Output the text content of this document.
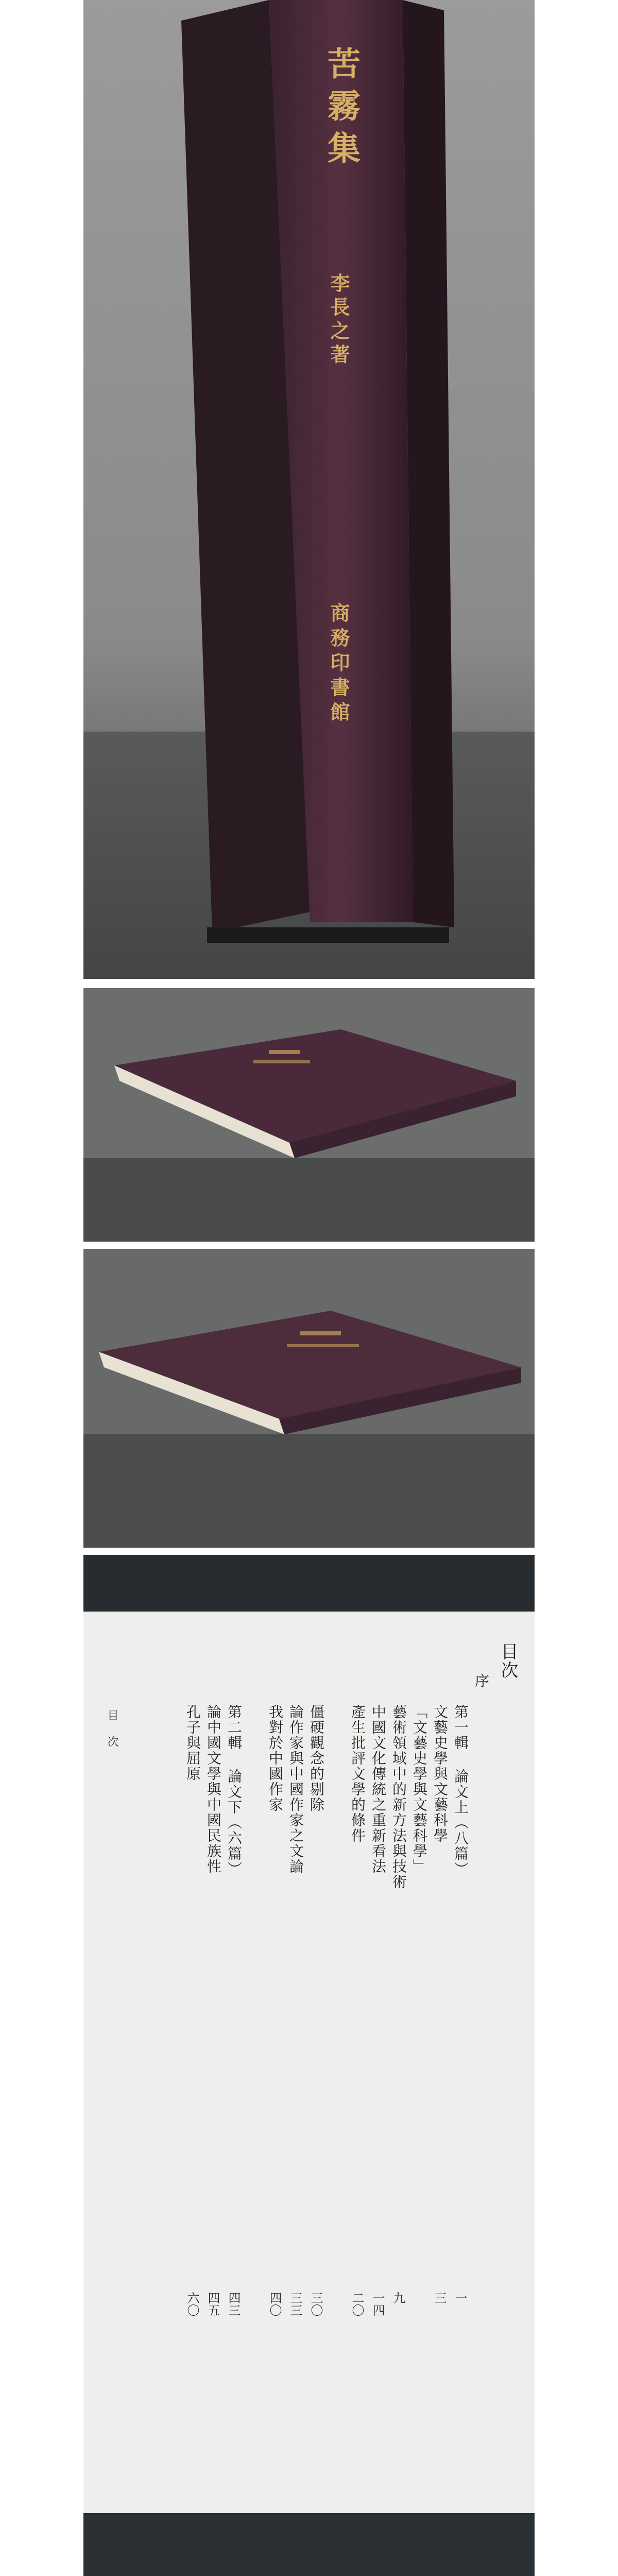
苦霧集
李長之著
商務印書館
目次
序
第一輯 論文上（八篇）
文藝史學與文藝科學
「文藝史學與文藝科學」
藝術領域中的新方法與技術
中國文化傳統之重新看法
產生批評文學的條件
僵硬觀念的剔除
論作家與中國作家之文論
我對於中國作家
第二輯 論文下（六篇）
論中國文學與中國民族性
孔子與屈原
一
三
九
一四
二〇
三〇
三三
四〇
四三
四五
六〇
目 次
